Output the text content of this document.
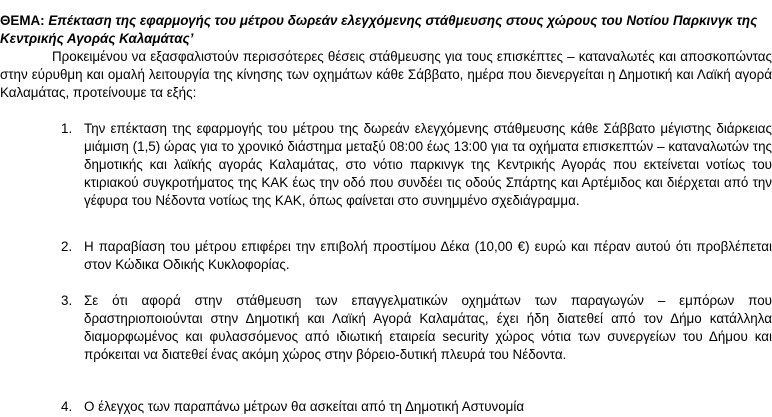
ΘΕΜΑ: Επέκταση της εφαρμογής του μέτρου δωρεάν ελεγχόμενης στάθμευσης στους χώρους του Νοτίου Παρκινγκ της Κεντρικής Αγοράς Καλαμάτας’
Προκειμένου να εξασφαλιστούν περισσότερες θέσεις στάθμευσης για τους επισκέπτες – καταναλωτές και αποσκοπώντας στην εύρυθμη και ομαλή λειτουργία της κίνησης των οχημάτων κάθε Σάββατο, ημέρα που διενεργείται η Δημοτική και Λαϊκή αγορά Καλαμάτας, προτείνουμε τα εξής:
1. Την επέκταση της εφαρμογής του μέτρου της δωρεάν ελεγχόμενης στάθμευσης κάθε Σάββατο μέγιστης διάρκειας μιάμιση (1,5) ώρας για το χρονικό διάστημα μεταξύ 08:00 έως 13:00 για τα οχήματα επισκεπτών – καταναλωτών της δημοτικής και λαϊκής αγοράς Καλαμάτας, στο νότιο παρκινγκ της Κεντρικής Αγοράς που εκτείνεται νοτίως του κτιριακού συγκροτήματος της ΚΑΚ έως την οδό που συνδέει τις οδούς Σπάρτης και Αρτέμιδος και διέρχεται από την γέφυρα του Νέδοντα νοτίως της ΚΑΚ, όπως φαίνεται στο συνημμένο σχεδιάγραμμα.
2. Η παραβίαση του μέτρου επιφέρει την επιβολή προστίμου Δέκα (10,00 €) ευρώ και πέραν αυτού ότι προβλέπεται στον Κώδικα Οδικής Κυκλοφορίας.
3. Σε ότι αφορά στην στάθμευση των επαγγελματικών οχημάτων των παραγωγών – εμπόρων που δραστηριοποιούνται στην Δημοτική και Λαϊκή Αγορά Καλαμάτας, έχει ήδη διατεθεί από τον Δήμο κατάλληλα διαμορφωμένος και φυλασσόμενος από ιδιωτική εταιρεία security χώρος νότια των συνεργείων του Δήμου και πρόκειται να διατεθεί ένας ακόμη χώρος στην βόρειο-δυτική πλευρά του Νέδοντα.
4. Ο έλεγχος των παραπάνω μέτρων θα ασκείται από τη Δημοτική Αστυνομία
